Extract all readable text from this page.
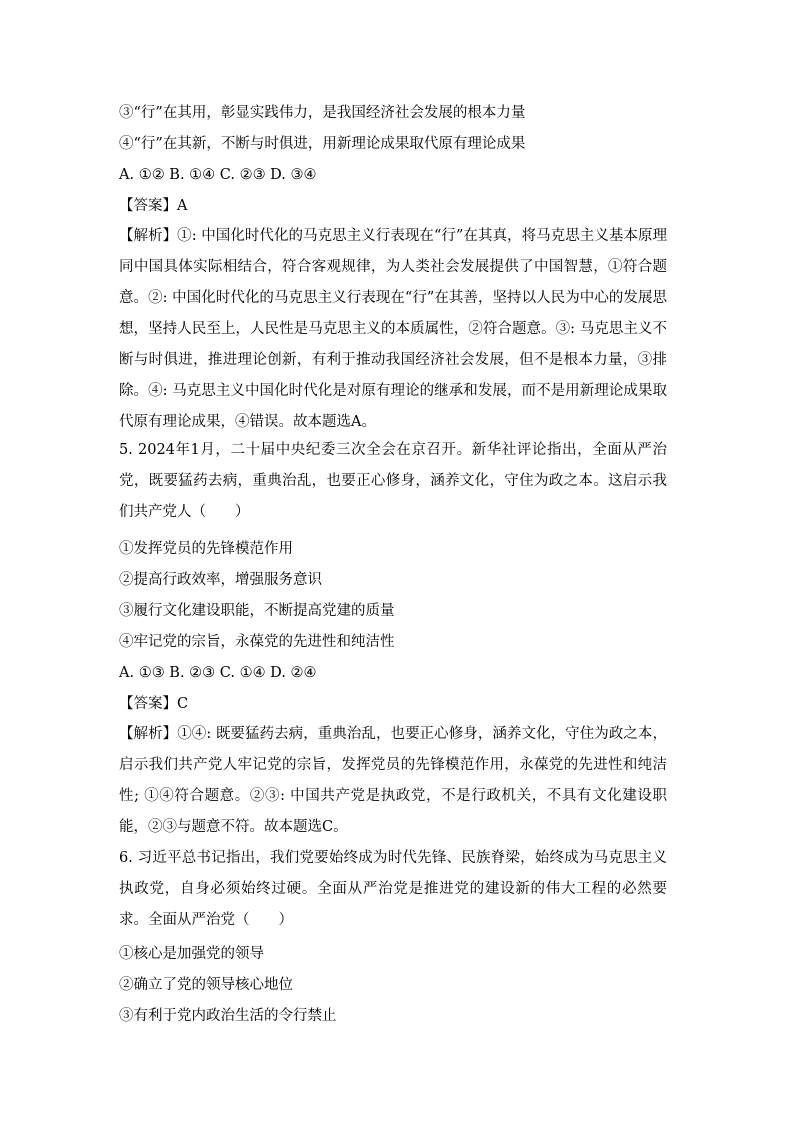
③“行”在其用，彰显实践伟力，是我国经济社会发展的根本力量
④“行”在其新，不断与时俱进，用新理论成果取代原有理论成果
A. ①② B. ①④ C. ②③ D. ③④
【答案】A
【解析】①: 中国化时代化的马克思主义行表现在“行”在其真，将马克思主义基本原理同中国具体实际相结合，符合客观规律，为人类社会发展提供了中国智慧，①符合题意。②: 中国化时代化的马克思主义行表现在“行”在其善，坚持以人民为中心的发展思想，坚持人民至上，人民性是马克思主义的本质属性，②符合题意。③: 马克思主义不断与时俱进，推进理论创新，有利于推动我国经济社会发展，但不是根本力量，③排除。④: 马克思主义中国化时代化是对原有理论的继承和发展，而不是用新理论成果取代原有理论成果，④错误。故本题选A。
5. 2024年1月，二十届中央纪委三次全会在京召开。新华社评论指出，全面从严治党，既要猛药去病，重典治乱，也要正心修身，涵养文化，守住为政之本。这启示我们共产党人（　　）
①发挥党员的先锋模范作用
②提高行政效率，增强服务意识
③履行文化建设职能，不断提高党建的质量
④牢记党的宗旨，永葆党的先进性和纯洁性
A. ①③ B. ②③ C. ①④ D. ②④
【答案】C
【解析】①④: 既要猛药去病，重典治乱，也要正心修身，涵养文化，守住为政之本，启示我们共产党人牢记党的宗旨，发挥党员的先锋模范作用，永葆党的先进性和纯洁性; ①④符合题意。②③: 中国共产党是执政党，不是行政机关，不具有文化建设职能，②③与题意不符。故本题选C。
6. 习近平总书记指出，我们党要始终成为时代先锋、民族脊梁，始终成为马克思主义执政党，自身必须始终过硬。全面从严治党是推进党的建设新的伟大工程的必然要求。全面从严治党（　　）
①核心是加强党的领导
②确立了党的领导核心地位
③有利于党内政治生活的令行禁止
